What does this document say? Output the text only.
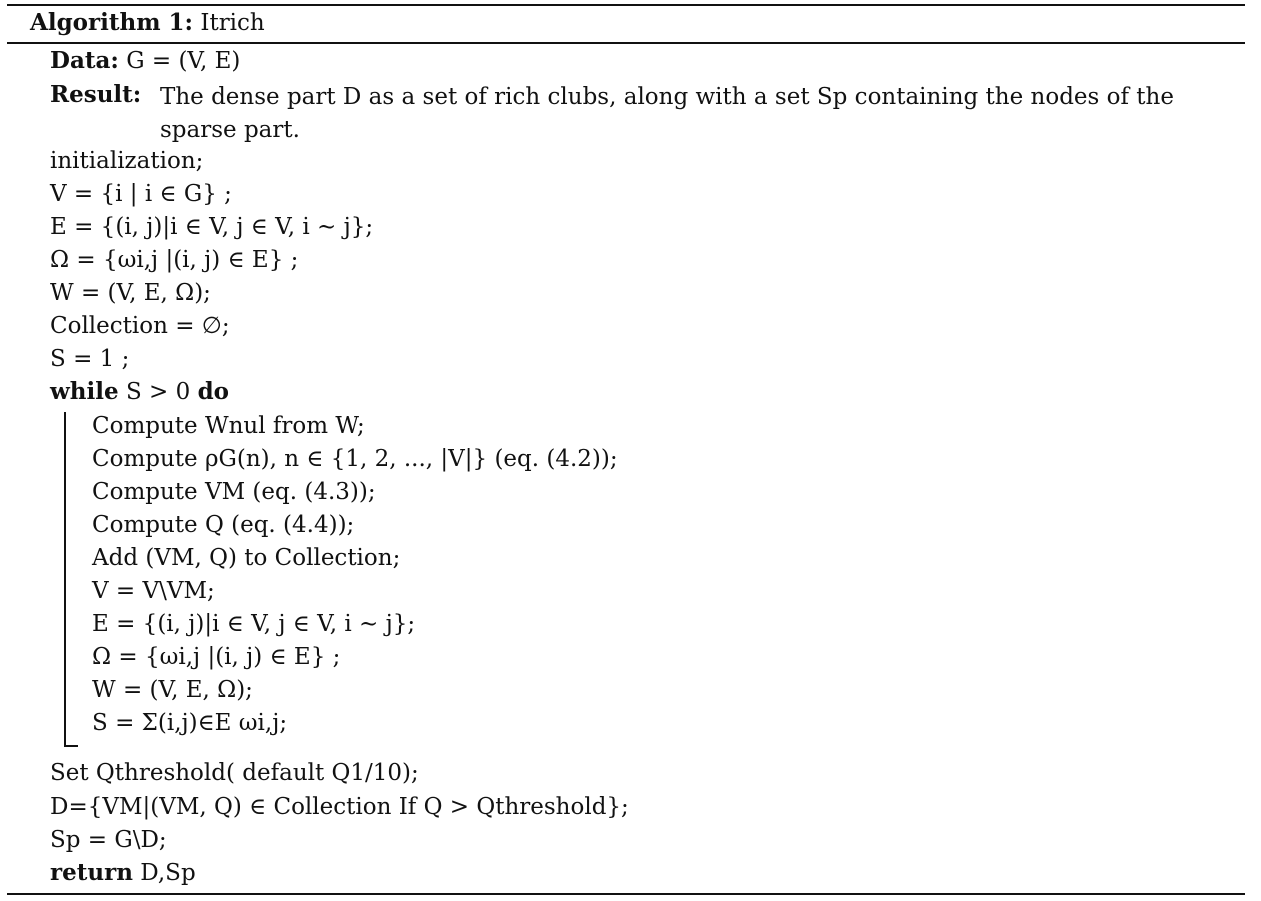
Algorithm 1: Itrich
Data: G = (V, E)
Result: The dense part D as a set of rich clubs, along with a set Sp containing the nodes of the sparse part.
initialization;
V = {i | i ∈ G} ;
E = {(i, j)|i ∈ V, j ∈ V, i ∼ j};
Ω = {ωi,j |(i, j) ∈ E} ;
W = (V, E, Ω);
Collection = ∅;
S = 1 ;
while S > 0 do
Compute Wnul from W;
Compute ρG(n), n ∈ {1, 2, ..., |V|} (eq. (4.2));
Compute VM (eq. (4.3));
Compute Q (eq. (4.4));
Add (VM, Q) to Collection;
V = V\VM;
E = {(i, j)|i ∈ V, j ∈ V, i ∼ j};
Ω = {ωi,j |(i, j) ∈ E} ;
W = (V, E, Ω);
S = Σ(i,j)∈E ωi,j;
Set Qthreshold( default Q1/10);
D={VM|(VM, Q) ∈ Collection If Q > Qthreshold};
Sp = G\D;
return D,Sp
